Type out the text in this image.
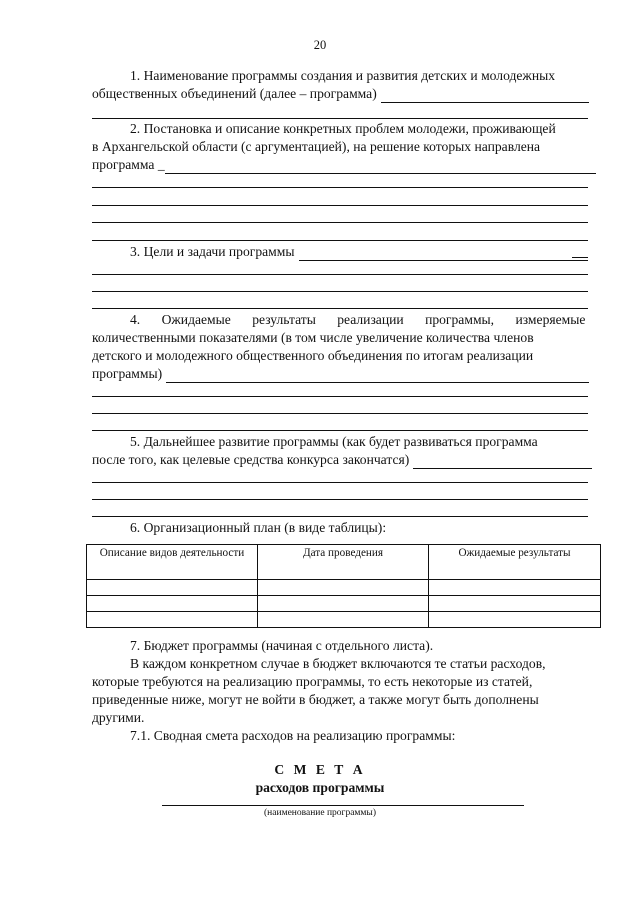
20
1. Наименование программы создания и развития детских и молодежных
общественных объединений (далее – программа)
2. Постановка и описание конкретных проблем молодежи, проживающей
в Архангельской области (с аргументацией), на решение которых направлена
программа _
3. Цели и задачи программы
4. Ожидаемые результаты реализации программы, измеряемые
количественными показателями (в том числе увеличение количества членов
детского и молодежного общественного объединения по итогам реализации
программы)
5. Дальнейшее развитие программы (как будет развиваться программа
после того, как целевые средства конкурса закончатся)
6. Организационный план (в виде таблицы):
Описание видов деятельности	Дата проведения	Ожидаемые результаты

7. Бюджет программы (начиная с отдельного листа).
В каждом конкретном случае в бюджет включаются те статьи расходов,
которые требуются на реализацию программы, то есть некоторые из статей,
приведенные ниже, могут не войти в бюджет, а также могут быть дополнены
другими.
7.1. Сводная смета расходов на реализацию программы:
С М Е Т А
расходов программы
(наименование программы)
